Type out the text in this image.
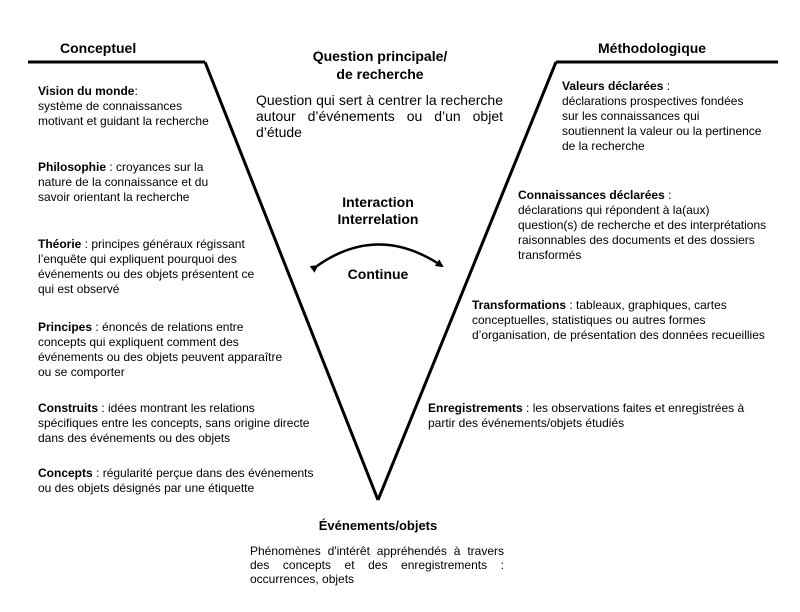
Conceptuel	Méthodologique
Question principale/
de recherche
Question qui sert à centrer la recherche autour d’événements ou d’un objet d’étude
Interaction
Interrelation
Continue
Vision du monde:
système de connaissances motivant et guidant la recherche
Philosophie : croyances sur la nature de la connaissance et du savoir orientant la recherche
Théorie : principes généraux régissant l’enquête qui expliquent pourquoi des événements ou des objets présentent ce qui est observé
Principes : énoncés de relations entre concepts qui expliquent comment des événements ou des objets peuvent apparaître ou se comporter
Construits : idées montrant les relations spécifiques entre les concepts, sans origine directe dans des événements ou des objets
Concepts : régularité perçue dans des événements ou des objets désignés par une étiquette
Valeurs déclarées :
déclarations prospectives fondées sur les connaissances qui soutiennent la valeur ou la pertinence de la recherche
Connaissances déclarées :
déclarations qui répondent à la(aux) question(s) de recherche et des interprétations raisonnables des documents et des dossiers transformés
Transformations : tableaux, graphiques, cartes conceptuelles, statistiques ou autres formes d’organisation, de présentation des données recueillies
Enregistrements : les observations faites et enregistrées à partir des événements/objets étudiés
Événements/objets
Phénomènes d'intérêt appréhendés à travers des concepts et des enregistrements : occurrences, objets
